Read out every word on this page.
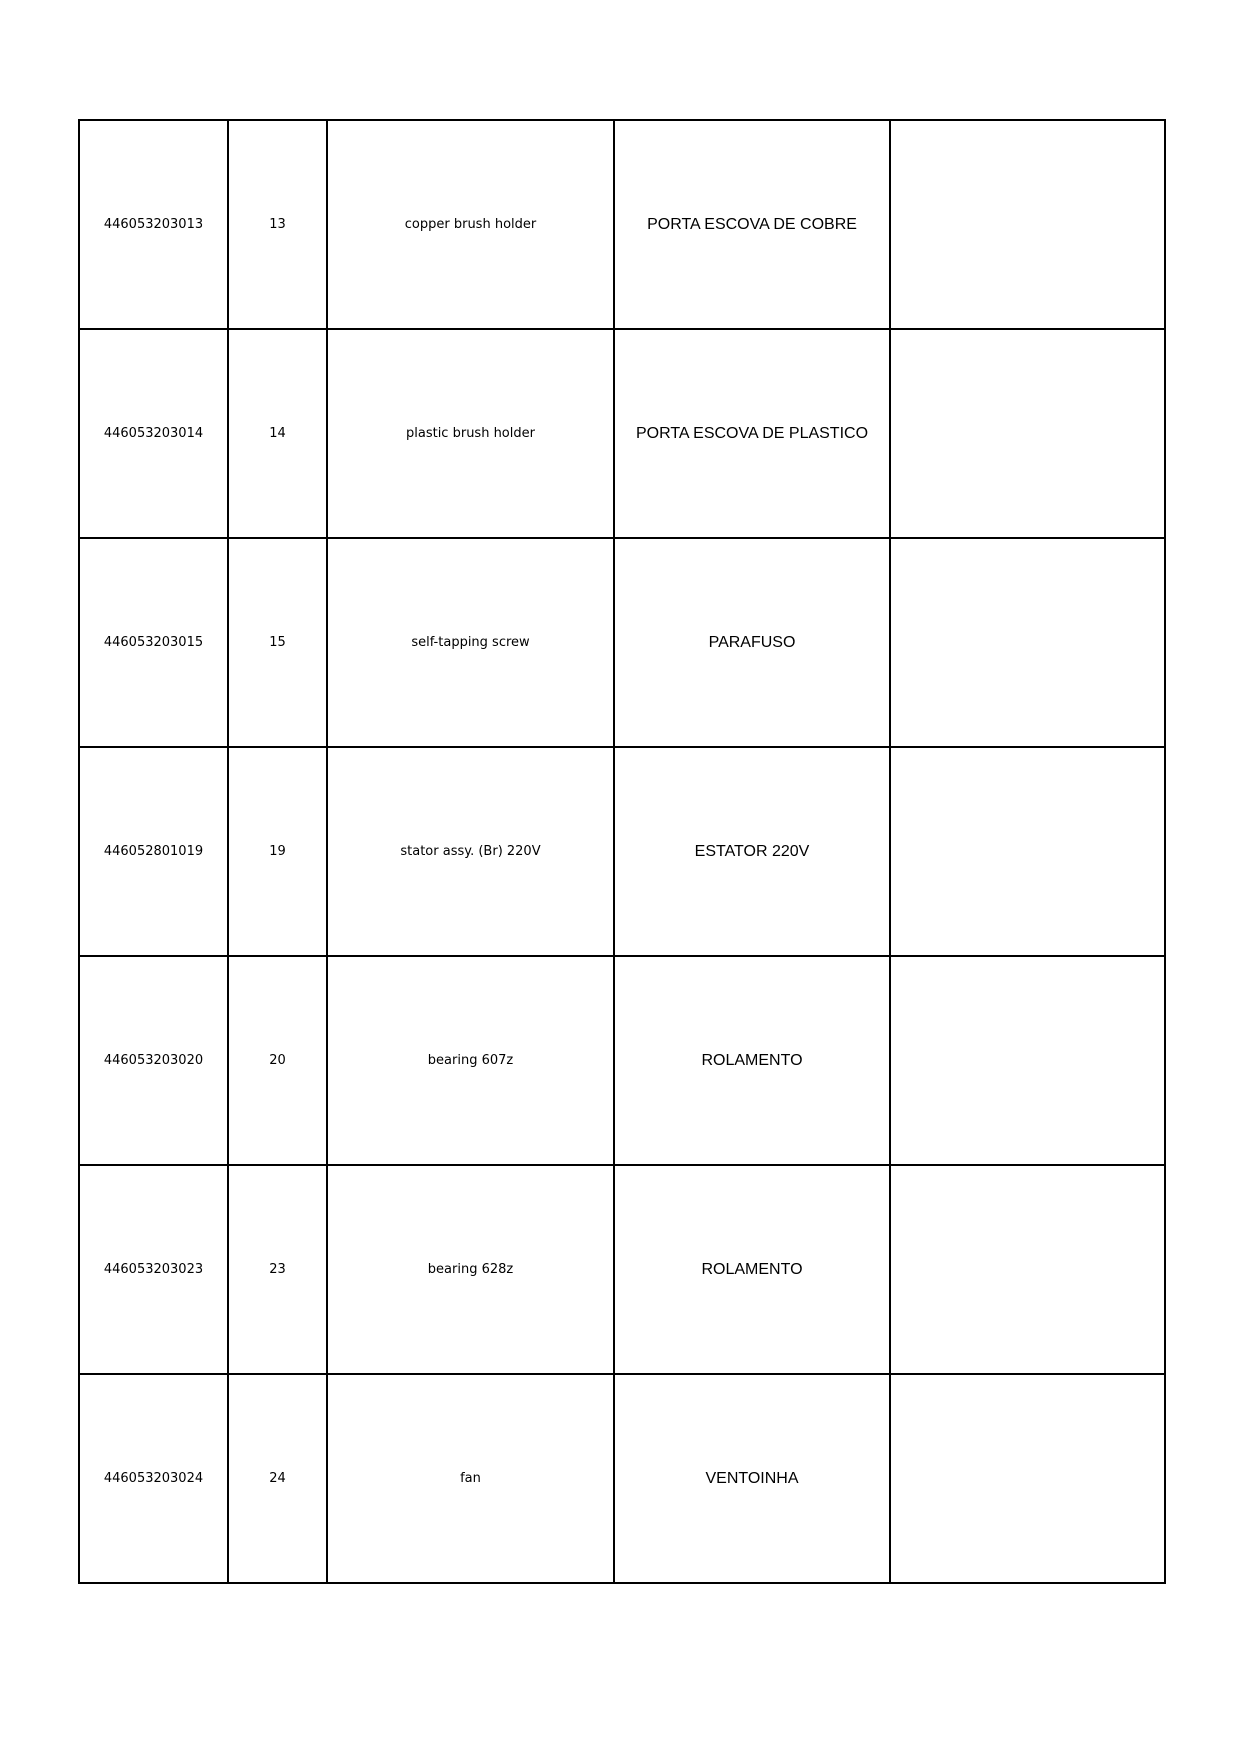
446053203013	13	copper brush holder	PORTA ESCOVA DE COBRE	
446053203014	14	plastic brush holder	PORTA ESCOVA DE PLASTICO	
446053203015	15	self-tapping screw	PARAFUSO	
446052801019	19	stator assy. (Br) 220V	ESTATOR 220V	
446053203020	20	bearing 607z	ROLAMENTO	
446053203023	23	bearing 628z	ROLAMENTO	
446053203024	24	fan	VENTOINHA	
